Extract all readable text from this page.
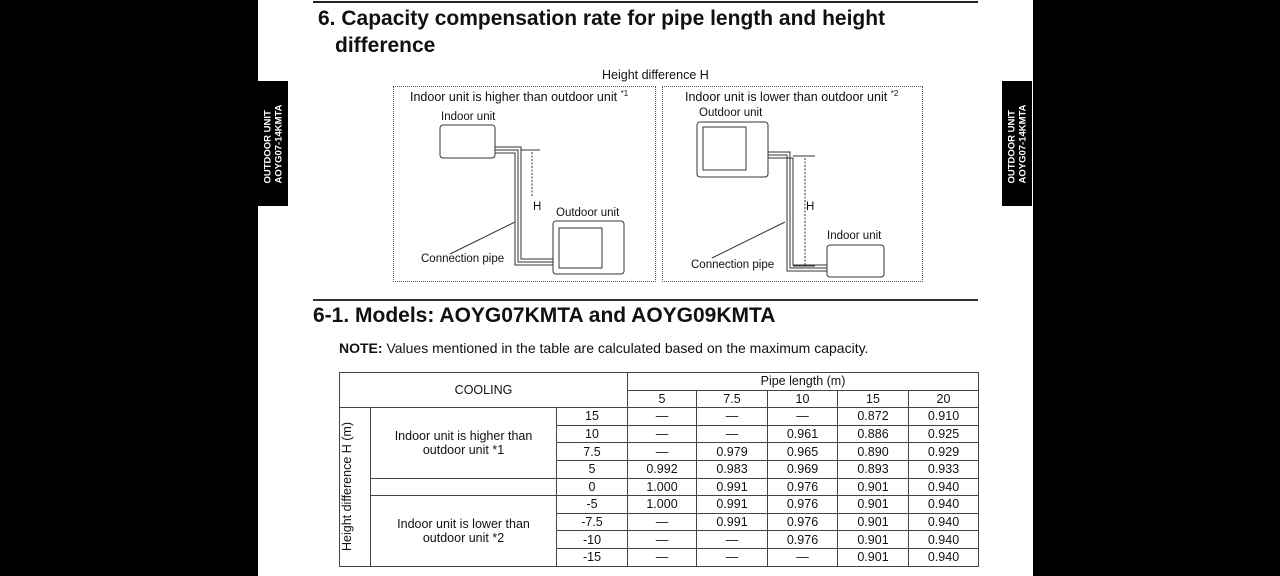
OUTDOOR UNIT AOYG07-14KMTA	OUTDOOR UNIT AOYG07-14KMTA
6. Capacity compensation rate for pipe length and height
difference
Height difference H
Indoor unit is higher than outdoor unit $^{*1}$	Indoor unit is lower than outdoor unit $^{*2}$
Indoor unit
Outdoor unit
H
Connection pipe
Outdoor unit
H
Indoor unit
Connection pipe
6-1. Models: AOYG07KMTA and AOYG09KMTA
NOTE: Values mentioned in the table are calculated based on the maximum capacity.
COOLING			Pipe length (m)				
			5	7.5	10	15	20

Height difference H (m)	Indoor unit is higher than outdoor unit *1	15	—	—	—	0.872	0.910
		10	—	—	0.961	0.886	0.925
		7.5	—	0.979	0.965	0.890	0.929
		5	0.992	0.983	0.969	0.893	0.933
		0	1.000	0.991	0.976	0.901	0.940

	Indoor unit is lower than outdoor unit *2	-5	1.000	0.991	0.976	0.901	0.940
		-7.5	—	0.991	0.976	0.901	0.940
		-10	—	—	0.976	0.901	0.940
		-15	—	—	—	0.901	0.940
